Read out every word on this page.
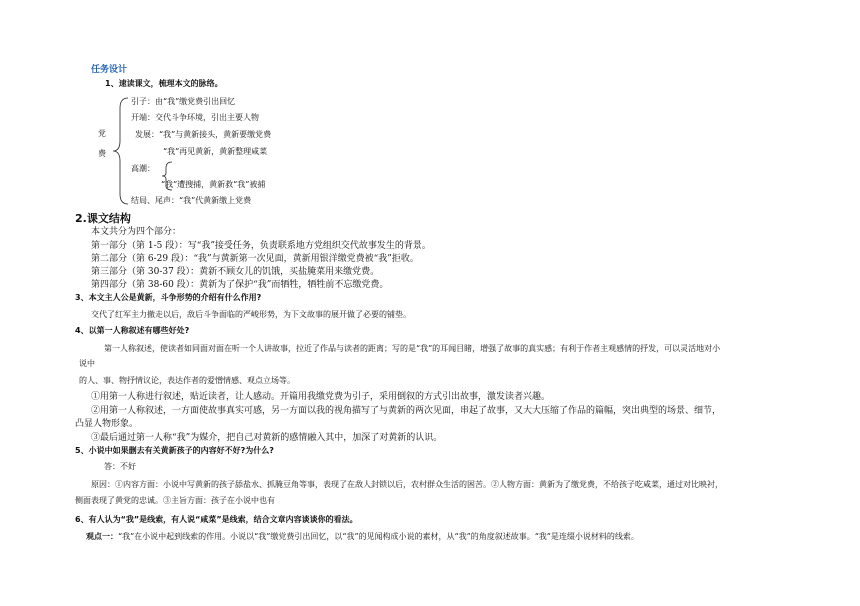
任务设计
1、速读课文，梳理本文的脉络。
党
费
引子：由“我”缴党费引出回忆
开端：交代斗争环境，引出主要人物
发展：“我”与黄新接头，黄新要缴党费
“我”再见黄新，黄新整理咸菜
高潮：
“我”遭搜捕，黄新救“我”被捕
结局、尾声：“我”代黄新缴上党费
2.课文结构
本文共分为四个部分：
第一部分（第 1-5 段）：写“我”接受任务，负责联系地方党组织交代故事发生的背景。
第二部分（第 6-29 段）：“我”与黄新第一次见面，黄新用银洋缴党费被“我”拒收。
第三部分（第 30-37 段）：黄新不顾女儿的饥饿，买盐腌菜用来缴党费。
第四部分（第 38-60 段）：黄新为了保护“我”而牺牲，牺牲前不忘缴党费。
3、本文主人公是黄新，斗争形势的介绍有什么作用?
交代了红军主力撤走以后，敌后斗争面临的严峻形势，为下文故事的展开做了必要的铺垫。
4、以第一人称叙述有哪些好处?
第一人称叙述，使读者如同面对面在听一个人讲故事，拉近了作品与读者的距离；写的是“我”的耳闻目睹，增强了故事的真实感；有利于作者主观感情的抒发，可以灵活地对小
说中
的人、事、物抒情议论，表达作者的爱憎情感、观点立场等。
①用第一人称进行叙述，贴近读者，让人感动。开篇用我缴党费为引子，采用倒叙的方式引出故事，激发读者兴趣。
②用第一人称叙述，一方面使故事真实可感，另一方面以我的视角描写了与黄新的两次见面，串起了故事，又大大压缩了作品的篇幅，突出典型的场景、细节，
凸显人物形象。
③最后通过第一人称“我”为媒介，把自己对黄新的感情融入其中，加深了对黄新的认识。
5、小说中如果删去有关黄新孩子的内容好不好?为什么?
答：不好
原因：①内容方面：小说中写黄新的孩子舔盐水、抓腌豆角等事，表现了在敌人封锁以后，农村群众生活的困苦。②人物方面：黄新为了缴党费，不给孩子吃咸菜，通过对比映衬，
侧面表现了黄党的忠诚。③主旨方面：孩子在小说中也有
6、有人认为“我”是线索，有人说“咸菜”是线索，结合文章内容谈谈你的看法。
观点一： “我”在小说中起到线索的作用。小说以“我”缴党费引出回忆，以“我”的见闻构成小说的素材，从“我”的角度叙述故事。“我”是连缀小说材料的线索。
